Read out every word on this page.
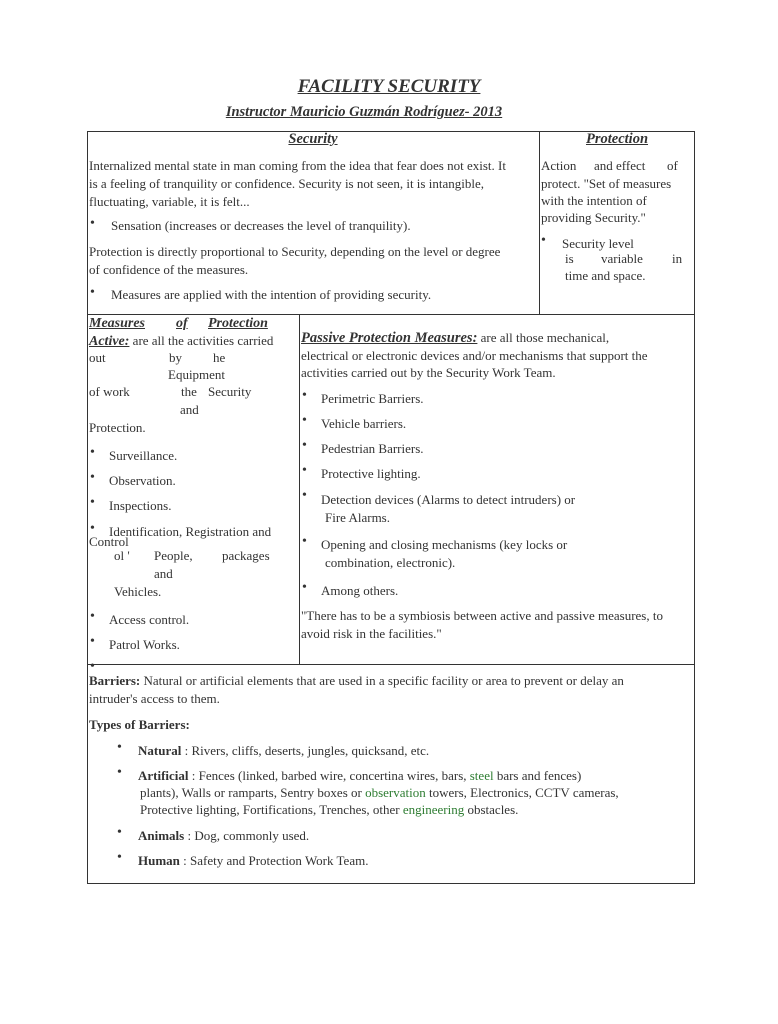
FACILITY SECURITY
Instructor Mauricio Guzmán Rodríguez- 2013
Security
Internalized mental state in man coming from the idea that fear does not exist. It
is a feeling of tranquility or confidence. Security is not seen, it is intangible,
fluctuating, variable, it is felt...
• Sensation (increases or decreases the level of tranquility).
Protection is directly proportional to Security, depending on the level or degree
of confidence of the measures.
• Measures are applied with the intention of providing security.
Protection
Action and effect of
protect. "Set of measures
with the intention of
providing Security."
• Security level
is variable in
time and space.
Measures of Protection
Active: are all the activities carried
out	by he
Equipment
of work	the Security
and
Protection.
• Surveillance.
• Observation.
• Inspections.
• Identification, Registration and
Control
ol ' People, packages
and
Vehicles.
• Access control.
• Patrol Works.
•
Passive Protection Measures: are all those mechanical,
electrical or electronic devices and/or mechanisms that support the
activities carried out by the Security Work Team.
• Perimetric Barriers.
• Vehicle barriers.
• Pedestrian Barriers.
• Protective lighting.
• Detection devices (Alarms to detect intruders) or
Fire Alarms.
• Opening and closing mechanisms (key locks or
combination, electronic).
• Among others.
"There has to be a symbiosis between active and passive measures, to
avoid risk in the facilities."
Barriers: Natural or artificial elements that are used in a specific facility or area to prevent or delay an
intruder's access to them.
Types of Barriers:
• Natural : Rivers, cliffs, deserts, jungles, quicksand, etc.
• Artificial : Fences (linked, barbed wire, concertina wires, bars, steel bars and fences)
plants), Walls or ramparts, Sentry boxes or observation towers, Electronics, CCTV cameras,
Protective lighting, Fortifications, Trenches, other engineering obstacles.
• Animals : Dog, commonly used.
• Human : Safety and Protection Work Team.
